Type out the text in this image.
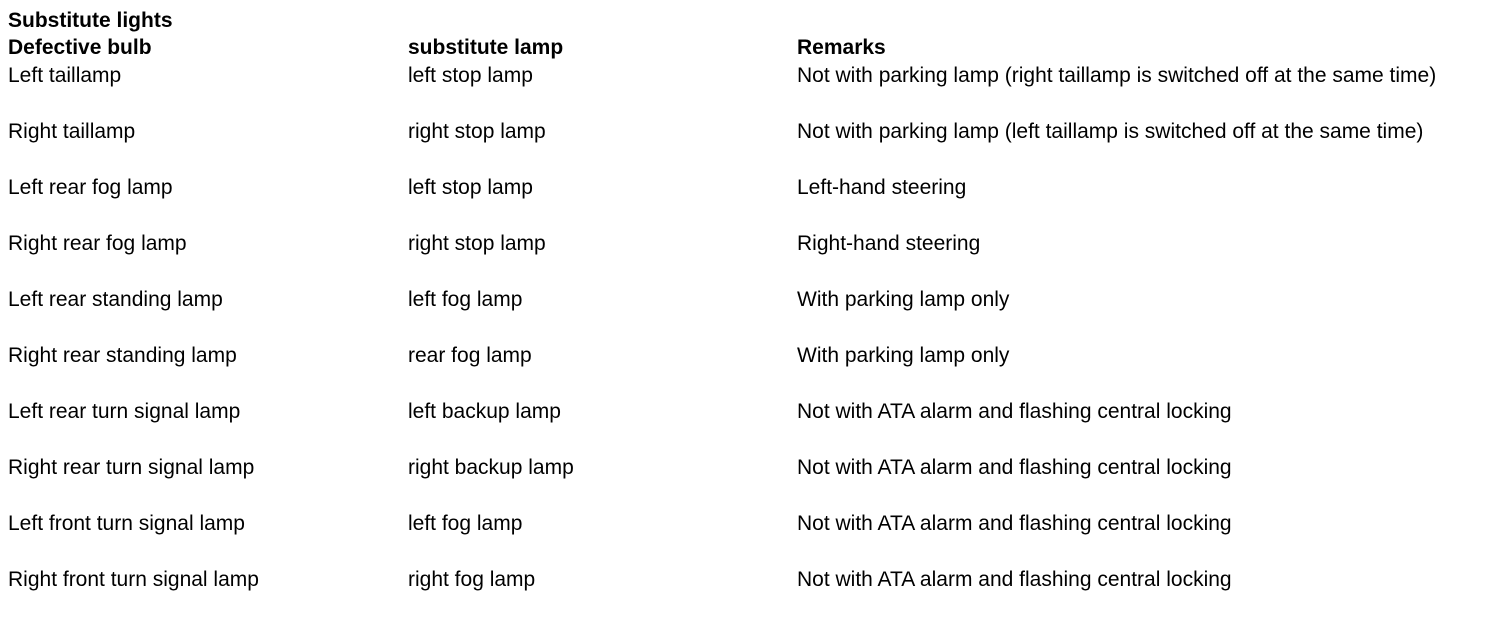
Substitute lights
Defective bulb	substitute lamp	Remarks
Left taillamp	left stop lamp	Not with parking lamp (right taillamp is switched off at the same time)
Right taillamp	right stop lamp	Not with parking lamp (left taillamp is switched off at the same time)
Left rear fog lamp	left stop lamp	Left-hand steering
Right rear fog lamp	right stop lamp	Right-hand steering
Left rear standing lamp	left fog lamp	With parking lamp only
Right rear standing lamp	rear fog lamp	With parking lamp only
Left rear turn signal lamp	left backup lamp	Not with ATA alarm and flashing central locking
Right rear turn signal lamp	right backup lamp	Not with ATA alarm and flashing central locking
Left front turn signal lamp	left fog lamp	Not with ATA alarm and flashing central locking
Right front turn signal lamp	right fog lamp	Not with ATA alarm and flashing central locking
